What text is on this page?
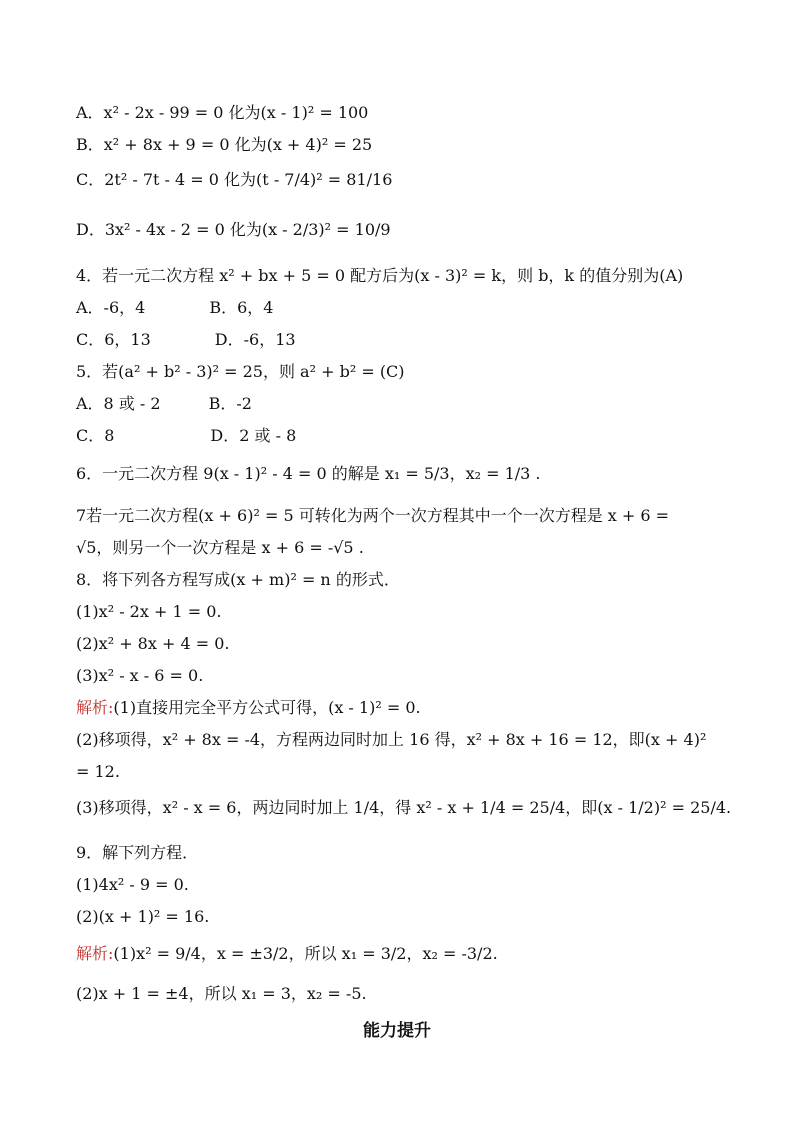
A．x² - 2x - 99 = 0 化为(x - 1)² = 100
B．x² + 8x + 9 = 0 化为(x + 4)² = 25
C．2t² - 7t - 4 = 0 化为(t - 7/4)² = 81/16
D．3x² - 4x - 2 = 0 化为(x - 2/3)² = 10/9
4．若一元二次方程 x² + bx + 5 = 0 配方后为(x - 3)² = k，则 b，k 的值分别为(A)
A．-6，4　　　　B．6，4
C．6，13　　　　D．-6，13
5．若(a² + b² - 3)² = 25，则 a² + b² = (C)
A．8 或 - 2　　　B．-2
C．8　　　　　　D．2 或 - 8
6．一元二次方程 9(x - 1)² - 4 = 0 的解是 x₁ = 5/3，x₂ = 1/3 .
7若一元二次方程(x + 6)² = 5 可转化为两个一次方程其中一个一次方程是 x + 6 =
√5，则另一个一次方程是 x + 6 = -√5 .
8．将下列各方程写成(x + m)² = n 的形式．
(1)x² - 2x + 1 = 0.
(2)x² + 8x + 4 = 0.
(3)x² - x - 6 = 0.
解析:(1)直接用完全平方公式可得，(x - 1)² = 0.
(2)移项得，x² + 8x = -4，方程两边同时加上 16 得，x² + 8x + 16 = 12，即(x + 4)²
= 12.
(3)移项得，x² - x = 6，两边同时加上 1/4，得 x² - x + 1/4 = 25/4，即(x - 1/2)² = 25/4.
9．解下列方程．
(1)4x² - 9 = 0.
(2)(x + 1)² = 16.
解析:(1)x² = 9/4，x = ±3/2，所以 x₁ = 3/2，x₂ = -3/2.
(2)x + 1 = ±4，所以 x₁ = 3，x₂ = -5.
能力提升
